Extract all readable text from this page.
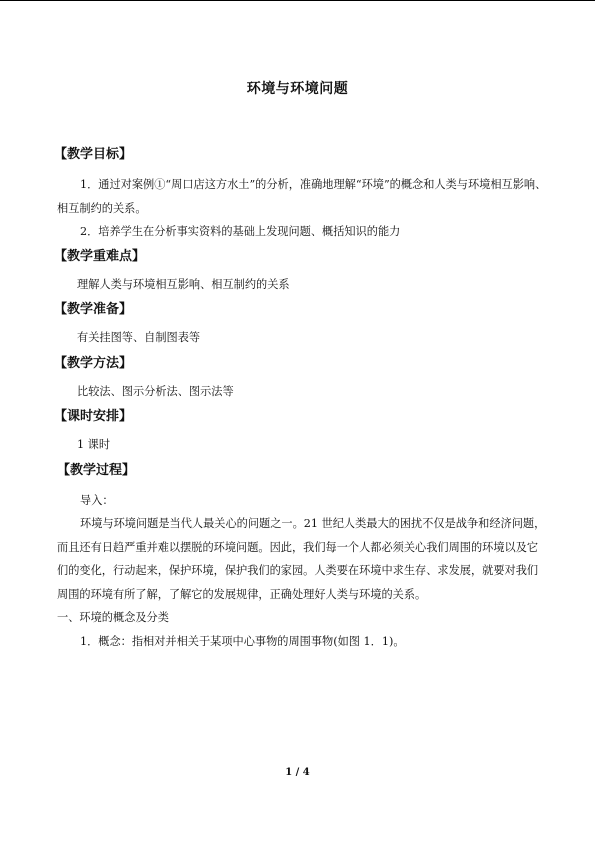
环境与环境问题

【教学目标】

1．通过对案例①“周口店这方水土”的分析，准确地理解“环境”的概念和人类与环境相互影响、相互制约的关系。

2．培养学生在分析事实资料的基础上发现问题、概括知识的能力

【教学重难点】

理解人类与环境相互影响、相互制约的关系

【教学准备】

有关挂图等、自制图表等

【教学方法】

比较法、图示分析法、图示法等

【课时安排】

1 课时

【教学过程】

导入：

环境与环境问题是当代人最关心的问题之一。21 世纪人类最大的困扰不仅是战争和经济问题，而且还有日趋严重并难以摆脱的环境问题。因此，我们每一个人都必须关心我们周围的环境以及它们的变化，行动起来，保护环境，保护我们的家园。人类要在环境中求生存、求发展，就要对我们周围的环境有所了解，了解它的发展规律，正确处理好人类与环境的关系。

一、环境的概念及分类

1．概念：指相对并相关于某项中心事物的周围事物(如图 1．1)。

1 / 4
